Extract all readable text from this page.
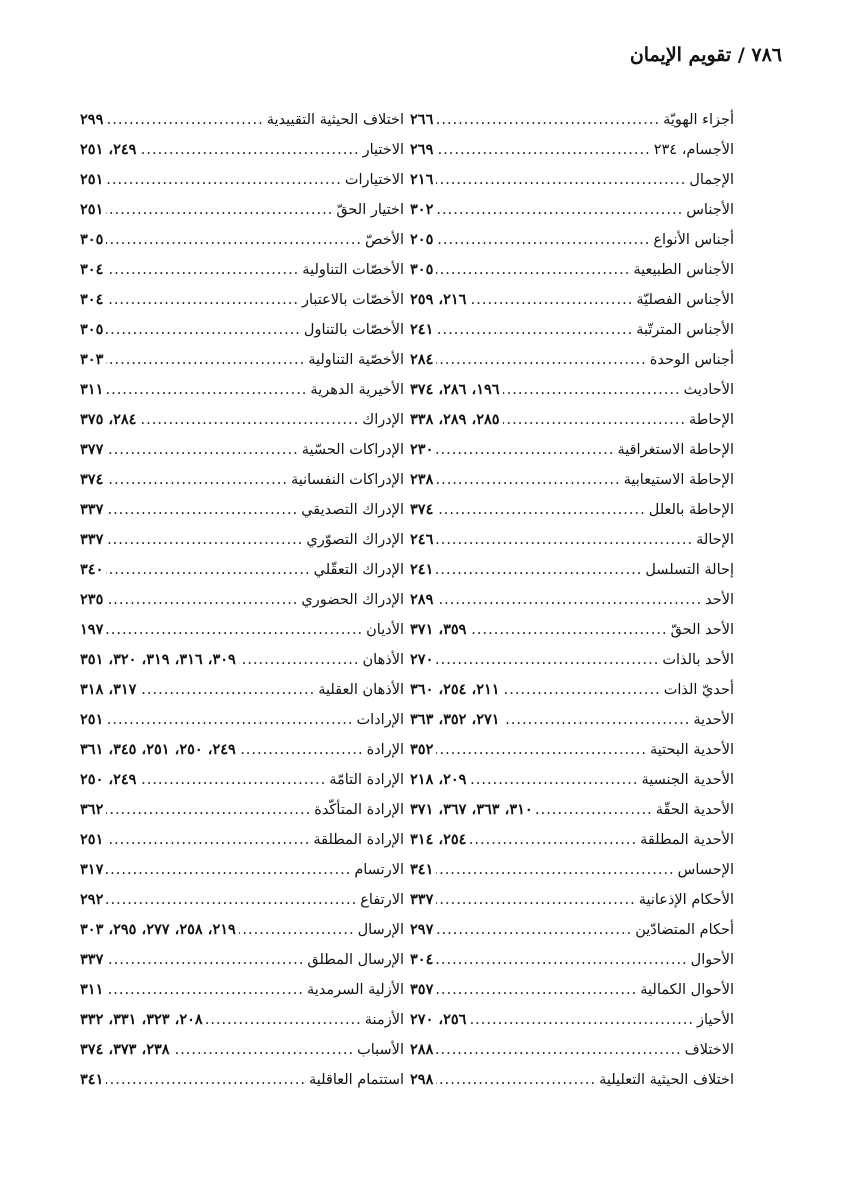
٧٨٦ / تقويم الإيمان
أجزاء الهويّة
.....
٢٦٦
الأجسام، ٢٣٤
.....
٢٦٩
الإجمال
.....
٢١٦
الأجناس
.....
٣٠٢
أجناس الأنواع
.....
٢٠٥
الأجناس الطبيعية
.....
٣٠٥
الأجناس الفصليّة
.....
٢١٦، ٢٥٩
الأجناس المترتّبة
.....
٢٤١
أجناس الوحدة
.....
٢٨٤
الأحاديث
.....
١٩٦، ٢٨٦، ٣٧٤
الإحاطة
.....
٢٨٥، ٢٨٩، ٣٣٨
الإحاطة الاستغراقية
.....
٢٣٠
الإحاطة الاستيعابية
.....
٢٣٨
الإحاطة بالعلل
.....
٣٧٤
الإحالة
.....
٢٤٦
إحالة التسلسل
.....
٢٤١
الأحد
.....
٢٨٩
الأحد الحقّ
.....
٣٥٩، ٣٧١
الأحد بالذات
.....
٢٧٠
أحديّ الذات
.....
٢١١، ٢٥٤، ٣٦٠
الأحدية
.....
٢٧١، ٣٥٢، ٣٦٣
الأحدية البحتية
.....
٣٥٢
الأحدية الجنسية
.....
٢٠٩، ٢١٨
الأحدية الحقّة
.....
٣١٠، ٣٦٣، ٣٦٧، ٣٧١
الأحدية المطلقة
.....
٢٥٤، ٣١٤
الإحساس
.....
٣٤١
الأحكام الإذعانية
.....
٣٣٧
أحكام المتضادّين
.....
٢٩٧
الأحوال
.....
٣٠٤
الأحوال الكمالية
.....
٣٥٧
الأحياز
.....
٢٥٦، ٢٧٠
الاختلاف
.....
٢٨٨
اختلاف الحيثية التعليلية
.....
٢٩٨
اختلاف الحيثية التقييدية
.....
٢٩٩
الاختيار
.....
٢٤٩، ٢٥١
الاختيارات
.....
٢٥١
اختيار الحقّ
.....
٢٥١
الأخصّ
.....
٣٠٥
الأخصّات التناولية
.....
٣٠٤
الأخصّات بالاعتبار
.....
٣٠٤
الأخصّات بالتناول
.....
٣٠٥
الأخصّية التناولية
.....
٣٠٣
الأخيرية الدهرية
.....
٣١١
الإدراك
.....
٢٨٤، ٣٧٥
الإدراكات الحسّية
.....
٣٧٧
الإدراكات النفسانية
.....
٣٧٤
الإدراك التصديقي
.....
٣٣٧
الإدراك التصوّري
.....
٣٣٧
الإدراك التعقّلي
.....
٣٤٠
الإدراك الحضوري
.....
٢٣٥
الأديان
.....
١٩٧
الأذهان
.....
٣٠٩، ٣١٦، ٣١٩، ٣٢٠، ٣٥١
الأذهان العقلية
.....
٣١٧، ٣١٨
الإرادات
.....
٢٥١
الإرادة
.....
٢٤٩، ٢٥٠، ٢٥١، ٣٤٥، ٣٦١
الإرادة التامّة
.....
٢٤٩، ٢٥٠
الإرادة المتأكّدة
.....
٣٦٢
الإرادة المطلقة
.....
٢٥١
الارتسام
.....
٣١٧
الارتفاع
.....
٢٩٢
الإرسال
.....
٢١٩، ٢٥٨، ٢٧٧، ٢٩٥، ٣٠٣
الإرسال المطلق
.....
٣٣٧
الأزلية السرمدية
.....
٣١١
الأزمنة
.....
٢٠٨، ٣٢٣، ٣٣١، ٣٣٢
الأسباب
.....
٢٣٨، ٣٧٣، ٣٧٤
استتمام العاقلية
.....
٣٤١
